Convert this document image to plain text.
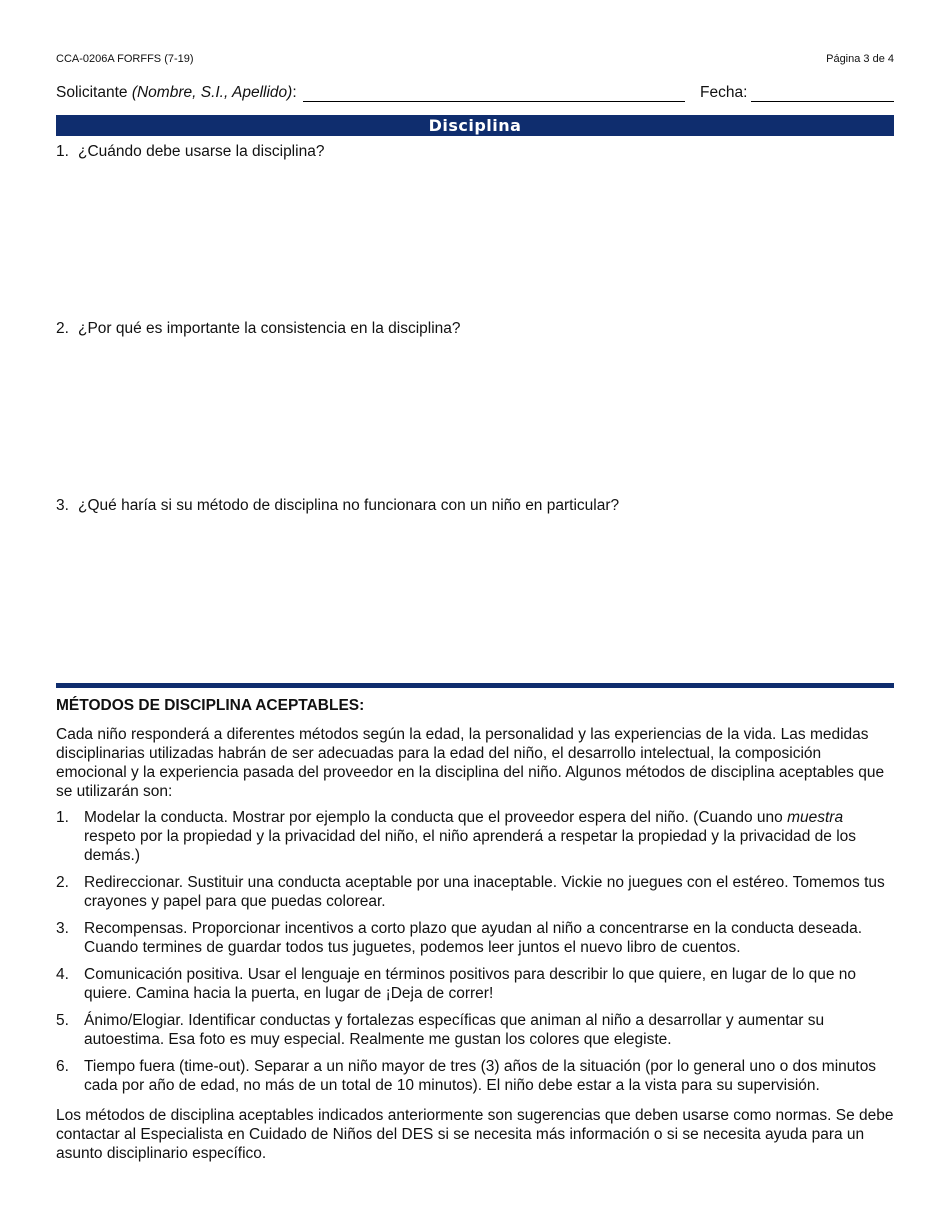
CCA-0206A FORFFS (7-19)	Página 3 de 4
Solicitante (Nombre, S.I., Apellido):	Fecha:
Disciplina
1. ¿Cuándo debe usarse la disciplina?
2. ¿Por qué es importante la consistencia en la disciplina?
3. ¿Qué haría si su método de disciplina no funcionara con un niño en particular?
MÉTODOS DE DISCIPLINA ACEPTABLES:

Cada niño responderá a diferentes métodos según la edad, la personalidad y las experiencias de la vida. Las medidas disciplinarias utilizadas habrán de ser adecuadas para la edad del niño, el desarrollo intelectual, la composición emocional y la experiencia pasada del proveedor en la disciplina del niño. Algunos métodos de disciplina aceptables que se utilizarán son:

1. Modelar la conducta. Mostrar por ejemplo la conducta que el proveedor espera del niño. (Cuando uno muestra respeto por la propiedad y la privacidad del niño, el niño aprenderá a respetar la propiedad y la privacidad de los demás.)
2. Redireccionar. Sustituir una conducta aceptable por una inaceptable. Vickie no juegues con el estéreo. Tomemos tus crayones y papel para que puedas colorear.
3. Recompensas. Proporcionar incentivos a corto plazo que ayudan al niño a concentrarse en la conducta deseada. Cuando termines de guardar todos tus juguetes, podemos leer juntos el nuevo libro de cuentos.
4. Comunicación positiva. Usar el lenguaje en términos positivos para describir lo que quiere, en lugar de lo que no quiere. Camina hacia la puerta, en lugar de ¡Deja de correr!
5. Ánimo/Elogiar. Identificar conductas y fortalezas específicas que animan al niño a desarrollar y aumentar su autoestima. Esa foto es muy especial. Realmente me gustan los colores que elegiste.
6. Tiempo fuera (time-out). Separar a un niño mayor de tres (3) años de la situación (por lo general uno o dos minutos cada por año de edad, no más de un total de 10 minutos). El niño debe estar a la vista para su supervisión.

Los métodos de disciplina aceptables indicados anteriormente son sugerencias que deben usarse como normas. Se debe contactar al Especialista en Cuidado de Niños del DES si se necesita más información o si se necesita ayuda para un asunto disciplinario específico.
